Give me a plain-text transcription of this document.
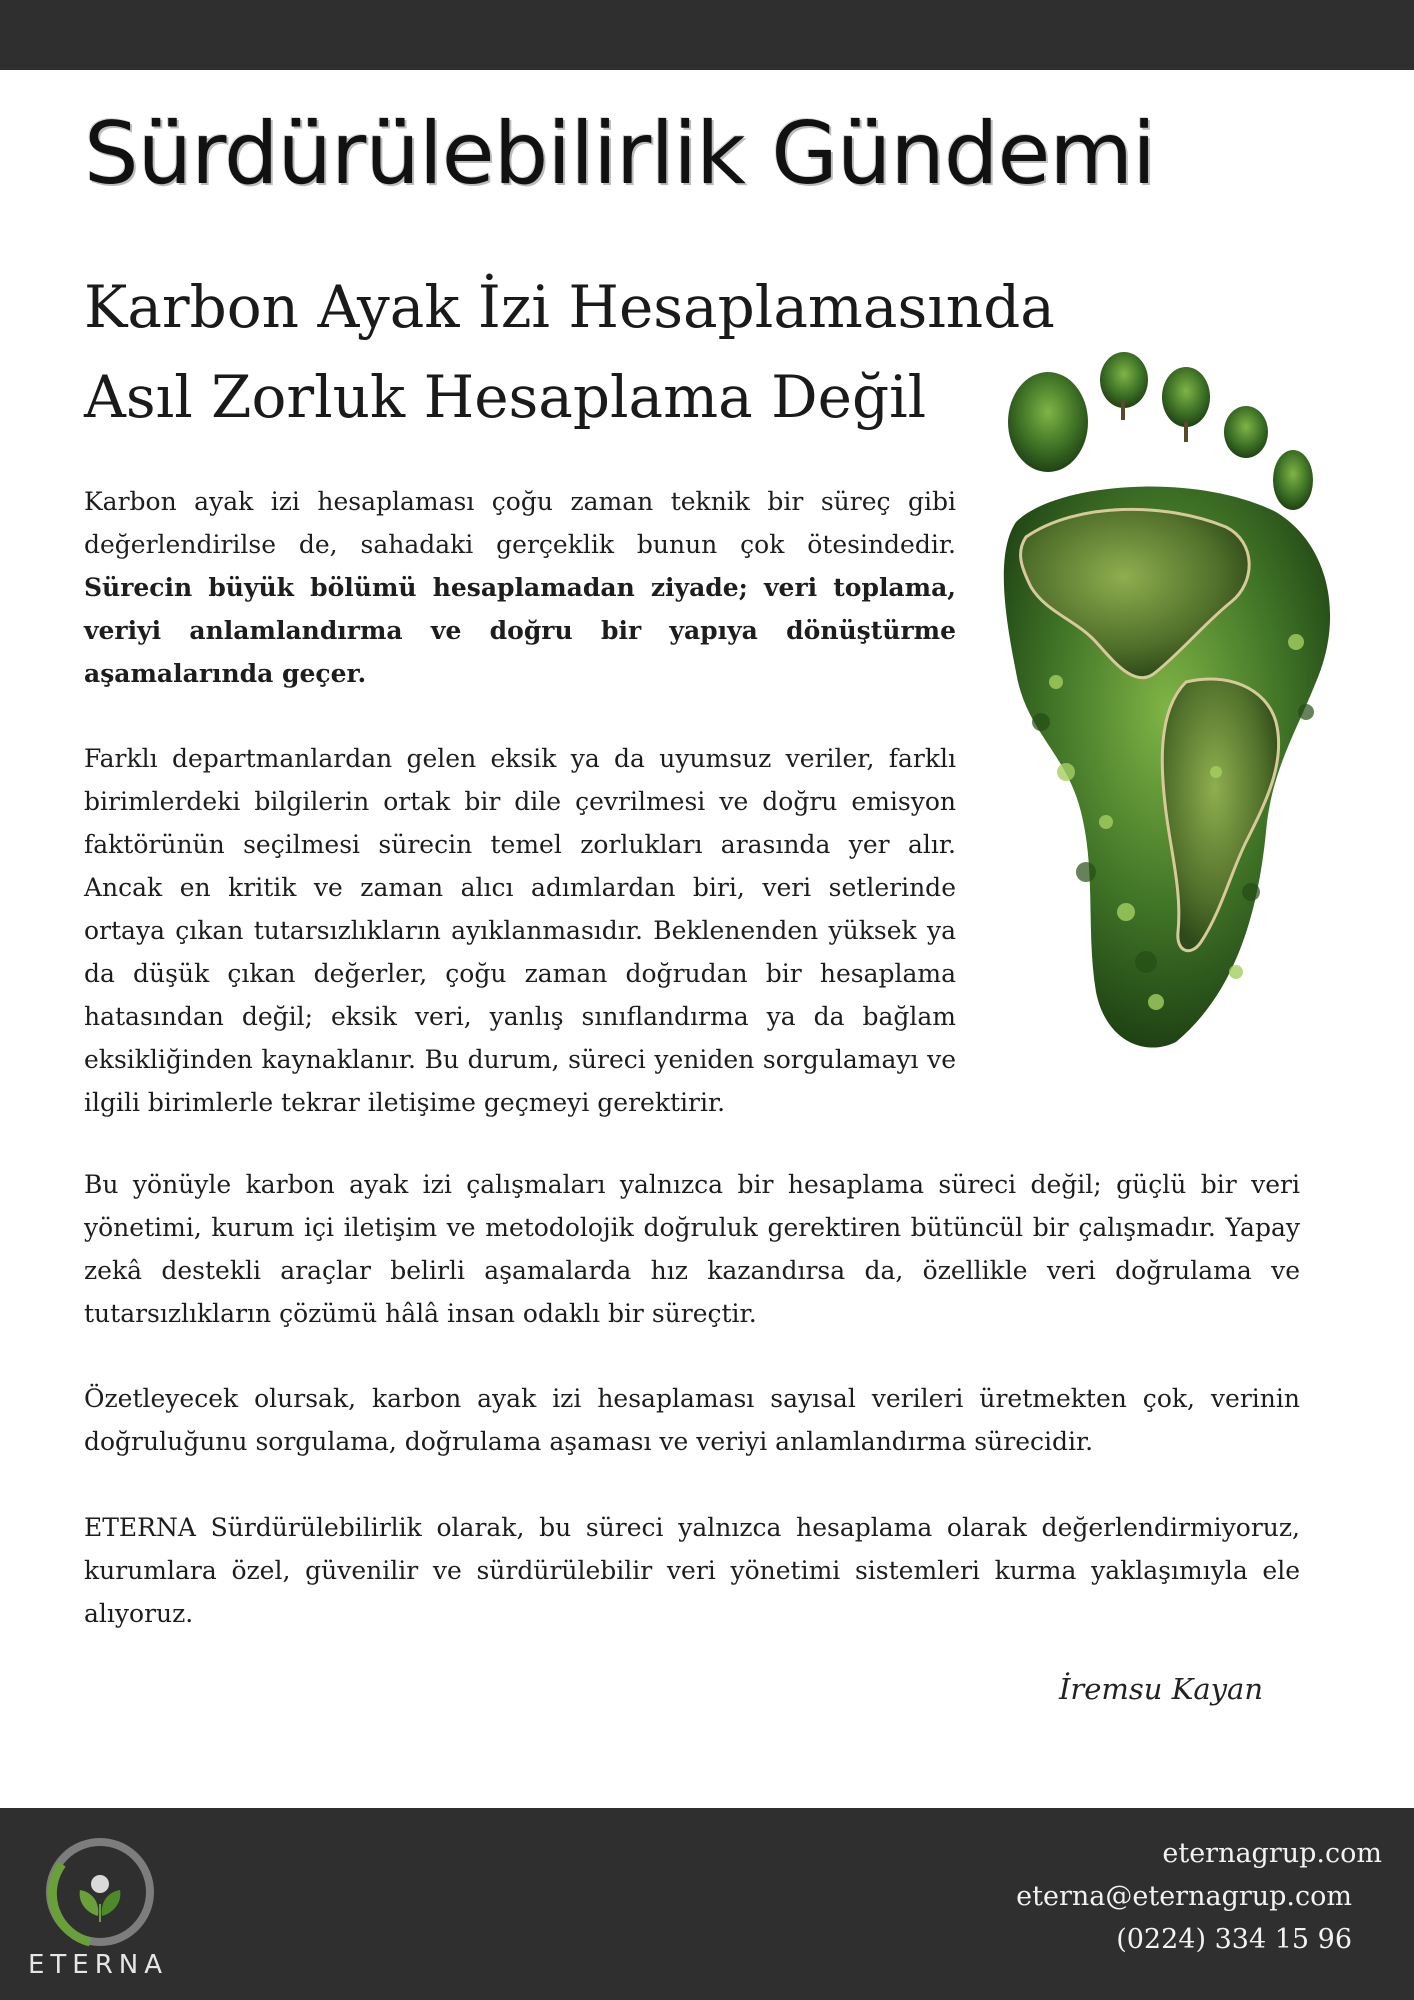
Sürdürülebilirlik Gündemi
Karbon Ayak İzi Hesaplamasında
Asıl Zorluk Hesaplama Değil

Karbon ayak izi hesaplaması çoğu zaman teknik bir süreç gibi değerlendirilse de, sahadaki gerçeklik bunun çok ötesindedir. Sürecin büyük bölümü hesaplamadan ziyade; veri toplama, veriyi anlamlandırma ve doğru bir yapıya dönüştürme aşamalarında geçer.

Farklı departmanlardan gelen eksik ya da uyumsuz veriler, farklı birimlerdeki bilgilerin ortak bir dile çevrilmesi ve doğru emisyon faktörünün seçilmesi sürecin temel zorlukları arasında yer alır. Ancak en kritik ve zaman alıcı adımlardan biri, veri setlerinde ortaya çıkan tutarsızlıkların ayıklanmasıdır. Beklenenden yüksek ya da düşük çıkan değerler, çoğu zaman doğrudan bir hesaplama hatasından değil; eksik veri, yanlış sınıflandırma ya da bağlam eksikliğinden kaynaklanır. Bu durum, süreci yeniden sorgulamayı ve ilgili birimlerle tekrar iletişime geçmeyi gerektirir.

Bu yönüyle karbon ayak izi çalışmaları yalnızca bir hesaplama süreci değil; güçlü bir veri yönetimi, kurum içi iletişim ve metodolojik doğruluk gerektiren bütüncül bir çalışmadır. Yapay zekâ destekli araçlar belirli aşamalarda hız kazandırsa da, özellikle veri doğrulama ve tutarsızlıkların çözümü hâlâ insan odaklı bir süreçtir.

Özetleyecek olursak, karbon ayak izi hesaplaması sayısal verileri üretmekten çok, verinin doğruluğunu sorgulama, doğrulama aşaması ve veriyi anlamlandırma sürecidir.

ETERNA Sürdürülebilirlik olarak, bu süreci yalnızca hesaplama olarak değerlendirmiyoruz, kurumlara özel, güvenilir ve sürdürülebilir veri yönetimi sistemleri kurma yaklaşımıyla ele alıyoruz.

İremsu Kayan
ETERNA
eternagrup.com
eterna@eternagrup.com
(0224) 334 15 96
